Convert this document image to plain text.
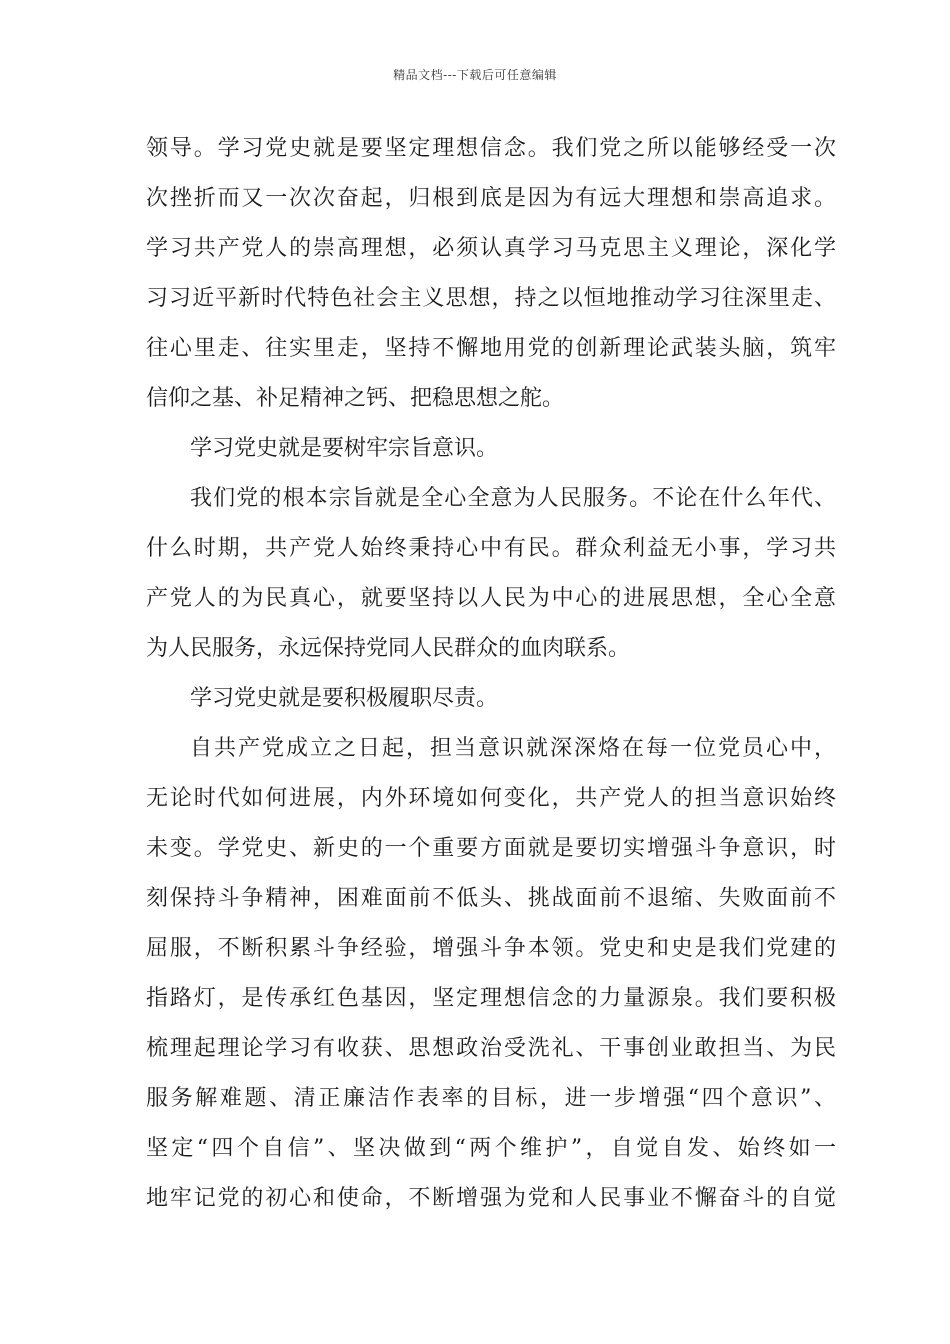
精品文档---下载后可任意编辑
领导。学习党史就是要坚定理想信念。我们党之所以能够经受一次
次挫折而又一次次奋起，归根到底是因为有远大理想和崇高追求。
学习共产党人的崇高理想，必须认真学习马克思主义理论，深化学
习习近平新时代特色社会主义思想，持之以恒地推动学习往深里走、
往心里走、往实里走，坚持不懈地用党的创新理论武装头脑，筑牢
信仰之基、补足精神之钙、把稳思想之舵。
学习党史就是要树牢宗旨意识。
我们党的根本宗旨就是全心全意为人民服务。不论在什么年代、
什么时期，共产党人始终秉持心中有民。群众利益无小事，学习共
产党人的为民真心，就要坚持以人民为中心的进展思想，全心全意
为人民服务，永远保持党同人民群众的血肉联系。
学习党史就是要积极履职尽责。
自共产党成立之日起，担当意识就深深烙在每一位党员心中，
无论时代如何进展，内外环境如何变化，共产党人的担当意识始终
未变。学党史、新史的一个重要方面就是要切实增强斗争意识，时
刻保持斗争精神，困难面前不低头、挑战面前不退缩、失败面前不
屈服，不断积累斗争经验，增强斗争本领。党史和史是我们党建的
指路灯，是传承红色基因，坚定理想信念的力量源泉。我们要积极
梳理起理论学习有收获、思想政治受洗礼、干事创业敢担当、为民
服务解难题、清正廉洁作表率的目标，进一步增强“四个意识”、
坚定“四个自信”、坚决做到“两个维护”，自觉自发、始终如一
地牢记党的初心和使命，不断增强为党和人民事业不懈奋斗的自觉
